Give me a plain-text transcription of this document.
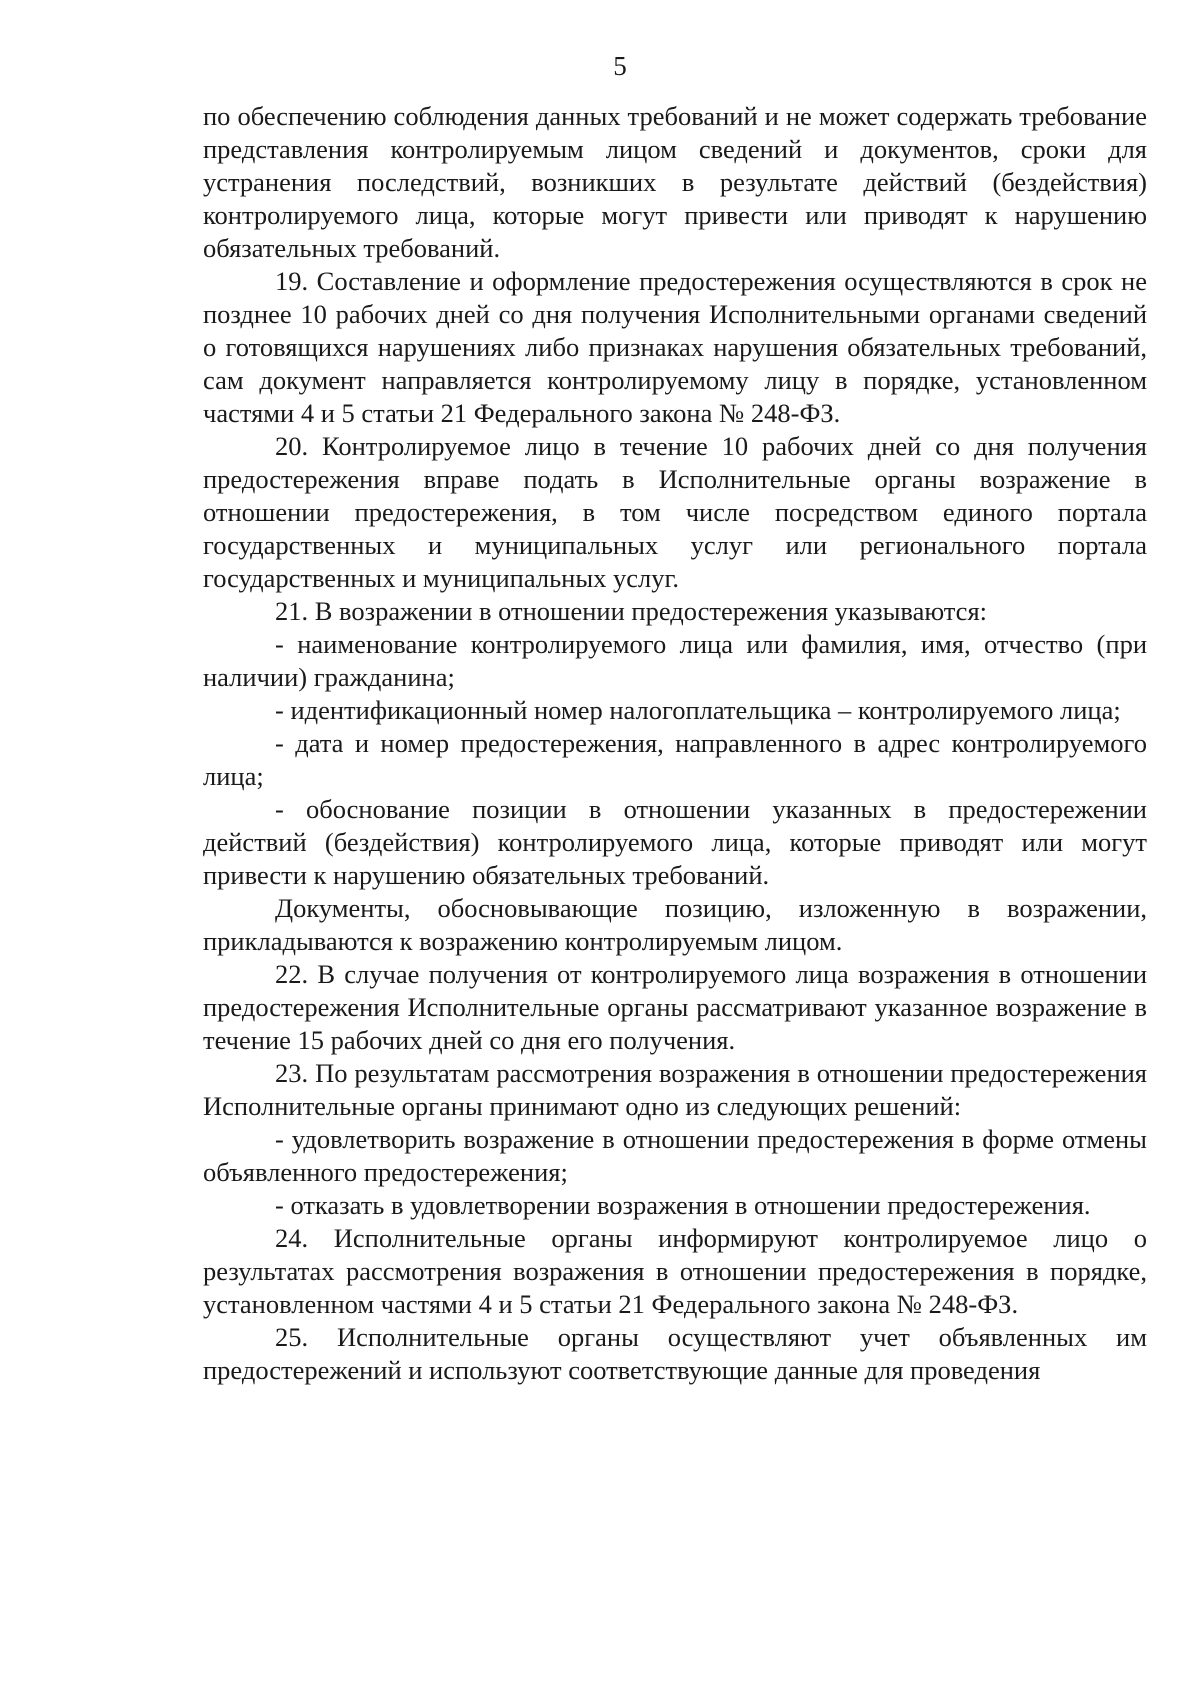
5

по обеспечению соблюдения данных требований и не может содержать требование представления контролируемым лицом сведений и документов, сроки для устранения последствий, возникших в результате действий (бездействия) контролируемого лица, которые могут привести или приводят к нарушению обязательных требований.

19. Составление и оформление предостережения осуществляются в срок не позднее 10 рабочих дней со дня получения Исполнительными органами сведений о готовящихся нарушениях либо признаках нарушения обязательных требований, сам документ направляется контролируемому лицу в порядке, установленном частями 4 и 5 статьи 21 Федерального закона № 248-ФЗ.

20. Контролируемое лицо в течение 10 рабочих дней со дня получения предостережения вправе подать в Исполнительные органы возражение в отношении предостережения, в том числе посредством единого портала государственных и муниципальных услуг или регионального портала государственных и муниципальных услуг.

21. В возражении в отношении предостережения указываются:

- наименование контролируемого лица или фамилия, имя, отчество (при наличии) гражданина;

- идентификационный номер налогоплательщика – контролируемого лица;

- дата и номер предостережения, направленного в адрес контролируемого лица;

- обоснование позиции в отношении указанных в предостережении действий (бездействия) контролируемого лица, которые приводят или могут привести к нарушению обязательных требований.

Документы, обосновывающие позицию, изложенную в возражении, прикладываются к возражению контролируемым лицом.

22. В случае получения от контролируемого лица возражения в отношении предостережения Исполнительные органы рассматривают указанное возражение в течение 15 рабочих дней со дня его получения.

23. По результатам рассмотрения возражения в отношении предостережения Исполнительные органы принимают одно из следующих решений:

- удовлетворить возражение в отношении предостережения в форме отмены объявленного предостережения;

- отказать в удовлетворении возражения в отношении предостережения.

24. Исполнительные органы информируют контролируемое лицо о результатах рассмотрения возражения в отношении предостережения в порядке, установленном частями 4 и 5 статьи 21 Федерального закона № 248-ФЗ.

25. Исполнительные органы осуществляют учет объявленных им предостережений и используют соответствующие данные для проведения
